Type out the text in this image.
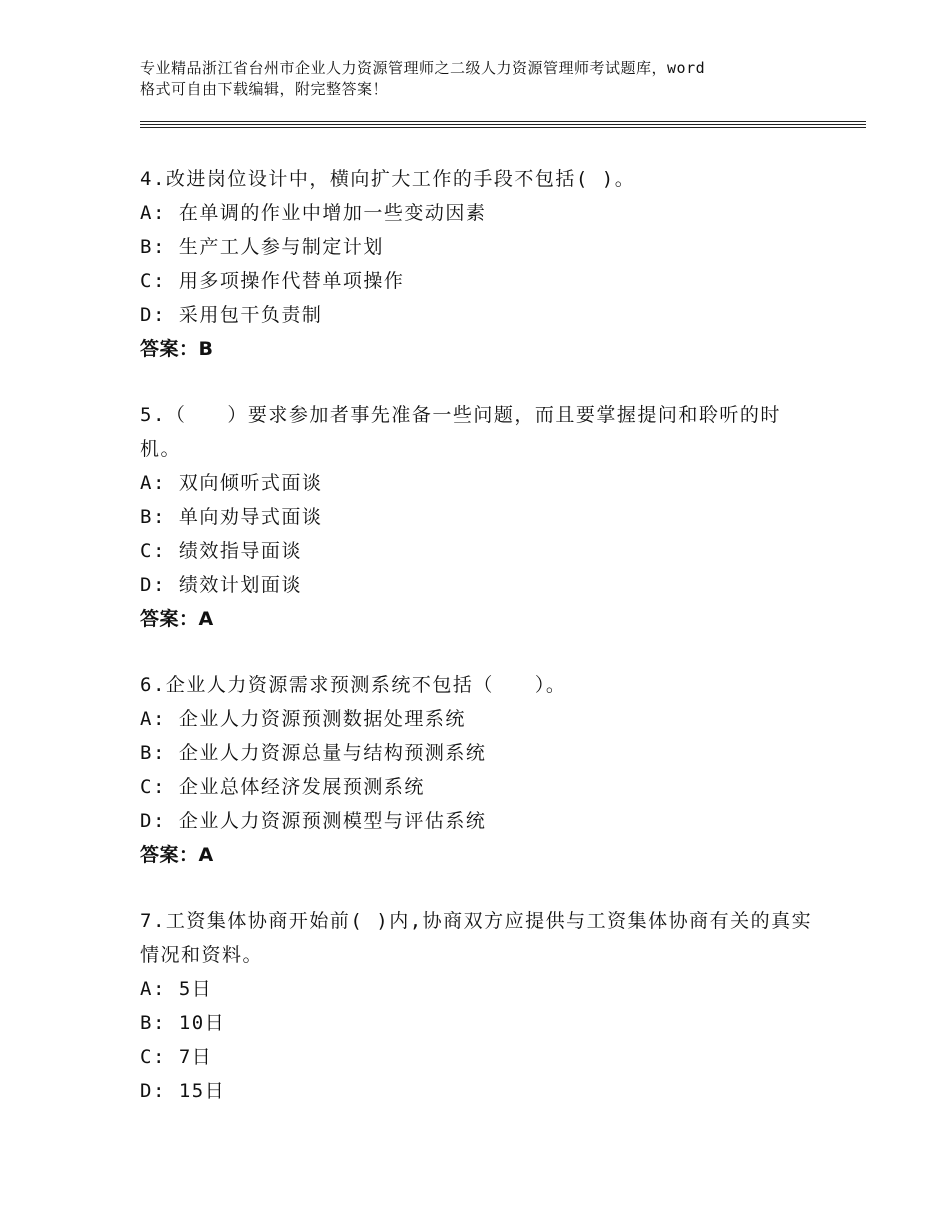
专业精品浙江省台州市企业人力资源管理师之二级人力资源管理师考试题库，word
格式可自由下载编辑，附完整答案！
4.改进岗位设计中，横向扩大工作的手段不包括( )。
A: 在单调的作业中增加一些变动因素
B: 生产工人参与制定计划
C: 用多项操作代替单项操作
D: 采用包干负责制
答案：B
5.（　　）要求参加者事先准备一些问题，而且要掌握提问和聆听的时机。
A: 双向倾听式面谈
B: 单向劝导式面谈
C: 绩效指导面谈
D: 绩效计划面谈
答案：A
6.企业人力资源需求预测系统不包括（　　）。
A: 企业人力资源预测数据处理系统
B: 企业人力资源总量与结构预测系统
C: 企业总体经济发展预测系统
D: 企业人力资源预测模型与评估系统
答案：A
7.工资集体协商开始前( )内,协商双方应提供与工资集体协商有关的真实情况和资料。
A: 5日
B: 10日
C: 7日
D: 15日
